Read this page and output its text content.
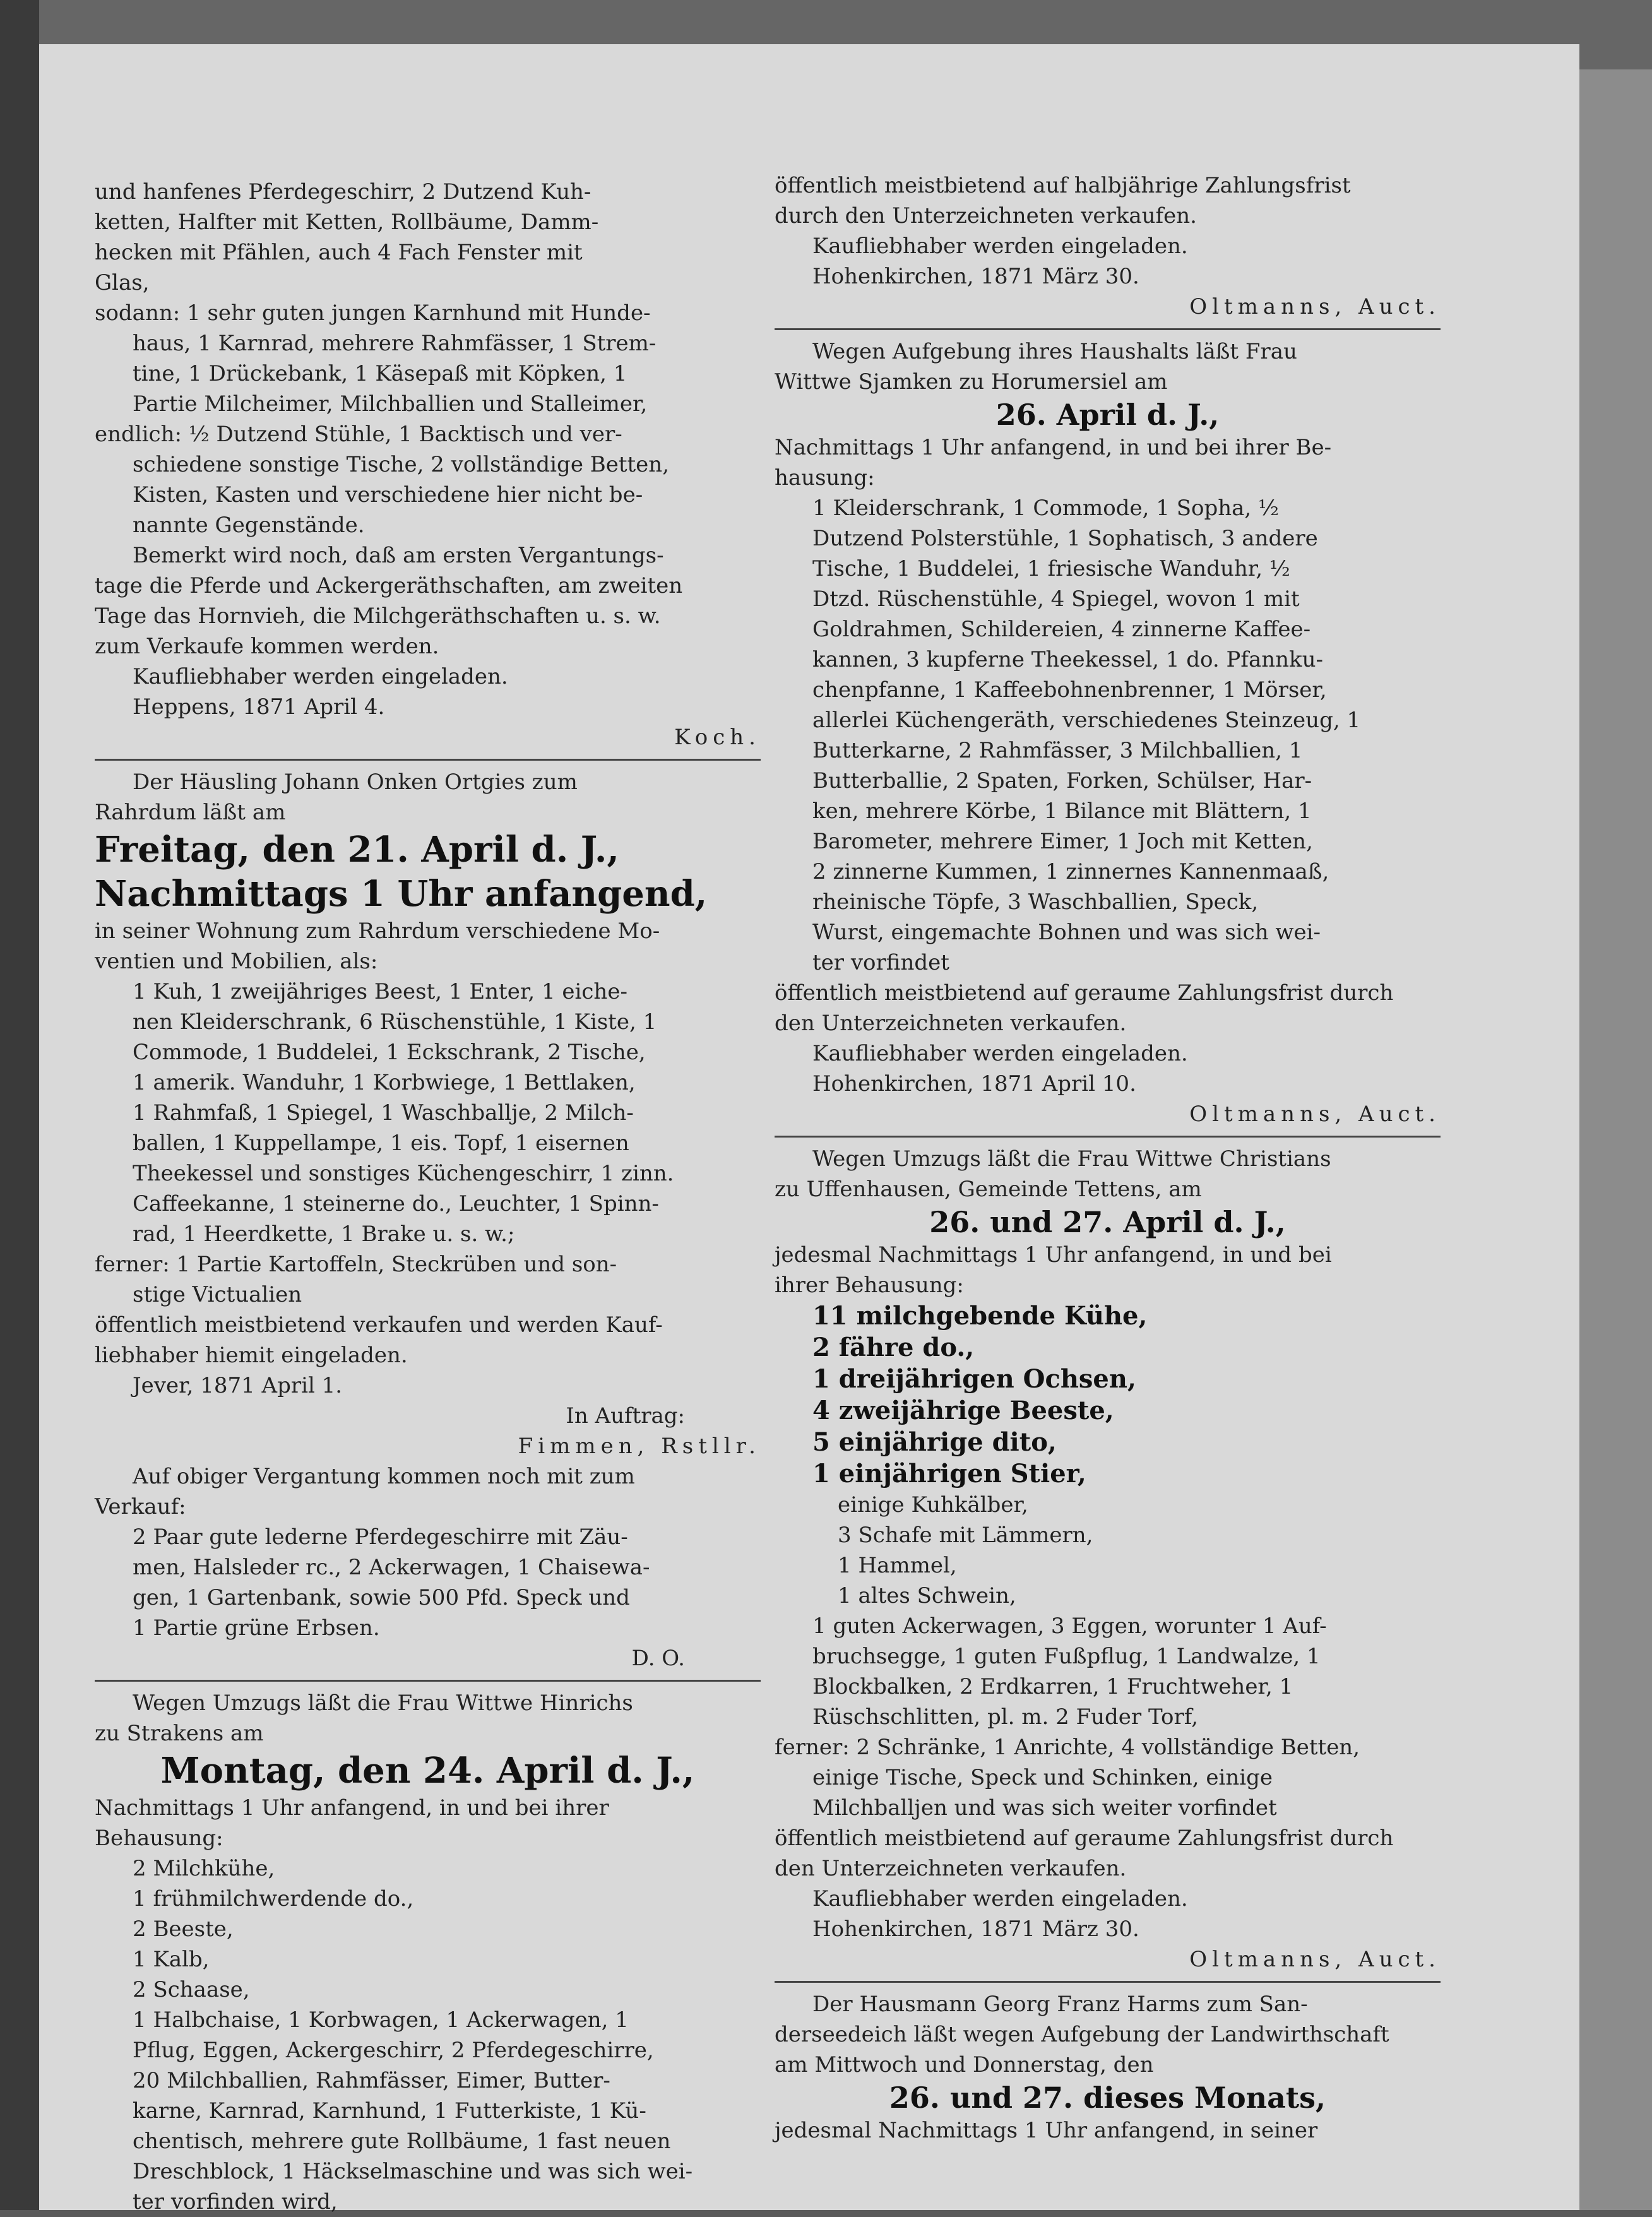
und hanfenes Pferdegeschirr, 2 Dutzend Kuh-
ketten, Halfter mit Ketten, Rollbäume, Damm-
hecken mit Pfählen, auch 4 Fach Fenster mit
Glas,
sodann: 1 sehr guten jungen Karnhund mit Hunde-
haus, 1 Karnrad, mehrere Rahmfässer, 1 Strem-
tine, 1 Drückebank, 1 Käsepaß mit Köpken, 1
Partie Milcheimer, Milchballien und Stalleimer,
endlich: ½ Dutzend Stühle, 1 Backtisch und ver-
schiedene sonstige Tische, 2 vollständige Betten,
Kisten, Kasten und verschiedene hier nicht be-
nannte Gegenstände.
Bemerkt wird noch, daß am ersten Vergantungs-
tage die Pferde und Ackergeräthschaften, am zweiten
Tage das Hornvieh, die Milchgeräthschaften u. s. w.
zum Verkaufe kommen werden.
Kaufliebhaber werden eingeladen.
Heppens, 1871 April 4.
Koch.
Der Häusling Johann Onken Ortgies zum
Rahrdum läßt am
Freitag, den 21. April d. J.,
Nachmittags 1 Uhr anfangend,
in seiner Wohnung zum Rahrdum verschiedene Mo-
ventien und Mobilien, als:
1 Kuh, 1 zweijähriges Beest, 1 Enter, 1 eiche-
nen Kleiderschrank, 6 Rüschenstühle, 1 Kiste, 1
Commode, 1 Buddelei, 1 Eckschrank, 2 Tische,
1 amerik. Wanduhr, 1 Korbwiege, 1 Bettlaken,
1 Rahmfaß, 1 Spiegel, 1 Waschballje, 2 Milch-
ballen, 1 Kuppellampe, 1 eis. Topf, 1 eisernen
Theekessel und sonstiges Küchengeschirr, 1 zinn.
Caffeekanne, 1 steinerne do., Leuchter, 1 Spinn-
rad, 1 Heerdkette, 1 Brake u. s. w.;
ferner: 1 Partie Kartoffeln, Steckrüben und son-
stige Victualien
öffentlich meistbietend verkaufen und werden Kauf-
liebhaber hiemit eingeladen.
Jever, 1871 April 1.
In Auftrag:
Fimmen, Rstllr.
Auf obiger Vergantung kommen noch mit zum
Verkauf:
2 Paar gute lederne Pferdegeschirre mit Zäu-
men, Halsleder rc., 2 Ackerwagen, 1 Chaisewa-
gen, 1 Gartenbank, sowie 500 Pfd. Speck und
1 Partie grüne Erbsen.
D. O.
Wegen Umzugs läßt die Frau Wittwe Hinrichs
zu Strakens am
Montag, den 24. April d. J.,
Nachmittags 1 Uhr anfangend, in und bei ihrer
Behausung:
2 Milchkühe,
1 frühmilchwerdende do.,
2 Beeste,
1 Kalb,
2 Schaase,
1 Halbchaise, 1 Korbwagen, 1 Ackerwagen, 1
Pflug, Eggen, Ackergeschirr, 2 Pferdegeschirre,
20 Milchballien, Rahmfässer, Eimer, Butter-
karne, Karnrad, Karnhund, 1 Futterkiste, 1 Kü-
chentisch, mehrere gute Rollbäume, 1 fast neuen
Dreschblock, 1 Häckselmaschine und was sich wei-
ter vorfinden wird,
öffentlich meistbietend auf halbjährige Zahlungsfrist
durch den Unterzeichneten verkaufen.
Kaufliebhaber werden eingeladen.
Hohenkirchen, 1871 März 30.
Oltmanns, Auct.
Wegen Aufgebung ihres Haushalts läßt Frau
Wittwe Sjamken zu Horumersiel am
26. April d. J.,
Nachmittags 1 Uhr anfangend, in und bei ihrer Be-
hausung:
1 Kleiderschrank, 1 Commode, 1 Sopha, ½
Dutzend Polsterstühle, 1 Sophatisch, 3 andere
Tische, 1 Buddelei, 1 friesische Wanduhr, ½
Dtzd. Rüschenstühle, 4 Spiegel, wovon 1 mit
Goldrahmen, Schildereien, 4 zinnerne Kaffee-
kannen, 3 kupferne Theekessel, 1 do. Pfannku-
chenpfanne, 1 Kaffeebohnenbrenner, 1 Mörser,
allerlei Küchengeräth, verschiedenes Steinzeug, 1
Butterkarne, 2 Rahmfässer, 3 Milchballien, 1
Butterballie, 2 Spaten, Forken, Schülser, Har-
ken, mehrere Körbe, 1 Bilance mit Blättern, 1
Barometer, mehrere Eimer, 1 Joch mit Ketten,
2 zinnerne Kummen, 1 zinnernes Kannenmaaß,
rheinische Töpfe, 3 Waschballien, Speck,
Wurst, eingemachte Bohnen und was sich wei-
ter vorfindet
öffentlich meistbietend auf geraume Zahlungsfrist durch
den Unterzeichneten verkaufen.
Kaufliebhaber werden eingeladen.
Hohenkirchen, 1871 April 10.
Oltmanns, Auct.
Wegen Umzugs läßt die Frau Wittwe Christians
zu Uffenhausen, Gemeinde Tettens, am
26. und 27. April d. J.,
jedesmal Nachmittags 1 Uhr anfangend, in und bei
ihrer Behausung:
11 milchgebende Kühe,
2 fähre do.,
1 dreijährigen Ochsen,
4 zweijährige Beeste,
5 einjährige dito,
1 einjährigen Stier,
einige Kuhkälber,
3 Schafe mit Lämmern,
1 Hammel,
1 altes Schwein,
1 guten Ackerwagen, 3 Eggen, worunter 1 Auf-
bruchsegge, 1 guten Fußpflug, 1 Landwalze, 1
Blockbalken, 2 Erdkarren, 1 Fruchtweher, 1
Rüschschlitten, pl. m. 2 Fuder Torf,
ferner: 2 Schränke, 1 Anrichte, 4 vollständige Betten,
einige Tische, Speck und Schinken, einige
Milchballjen und was sich weiter vorfindet
öffentlich meistbietend auf geraume Zahlungsfrist durch
den Unterzeichneten verkaufen.
Kaufliebhaber werden eingeladen.
Hohenkirchen, 1871 März 30.
Oltmanns, Auct.
Der Hausmann Georg Franz Harms zum San-
derseedeich läßt wegen Aufgebung der Landwirthschaft
am Mittwoch und Donnerstag, den
26. und 27. dieses Monats,
jedesmal Nachmittags 1 Uhr anfangend, in seiner
